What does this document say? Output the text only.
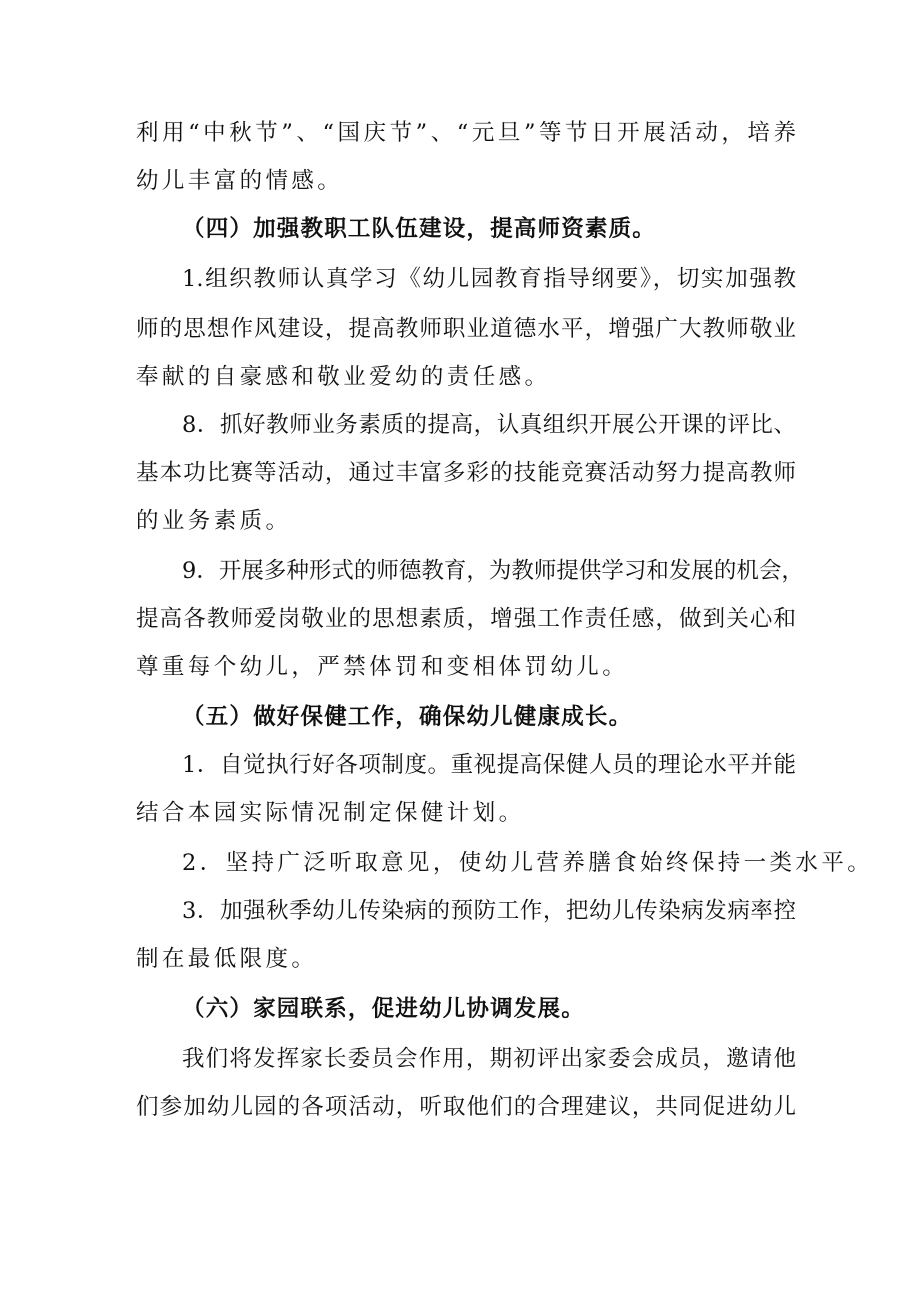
利用“中秋节”、“国庆节”、“元旦”等节日开展活动，培养
幼儿丰富的情感。
（四）加强教职工队伍建设，提高师资素质。
1.组织教师认真学习《幼儿园教育指导纲要》，切实加强教
师的思想作风建设，提高教师职业道德水平，增强广大教师敬业
奉献的自豪感和敬业爱幼的责任感。
8．抓好教师业务素质的提高，认真组织开展公开课的评比、
基本功比赛等活动，通过丰富多彩的技能竞赛活动努力提高教师
的业务素质。
9．开展多种形式的师德教育，为教师提供学习和发展的机会，
提高各教师爱岗敬业的思想素质，增强工作责任感，做到关心和
尊重每个幼儿，严禁体罚和变相体罚幼儿。
（五）做好保健工作，确保幼儿健康成长。
1．自觉执行好各项制度。重视提高保健人员的理论水平并能
结合本园实际情况制定保健计划。
2．坚持广泛听取意见，使幼儿营养膳食始终保持一类水平。
3．加强秋季幼儿传染病的预防工作，把幼儿传染病发病率控
制在最低限度。
（六）家园联系，促进幼儿协调发展。
我们将发挥家长委员会作用，期初评出家委会成员，邀请他
们参加幼儿园的各项活动，听取他们的合理建议，共同促进幼儿
